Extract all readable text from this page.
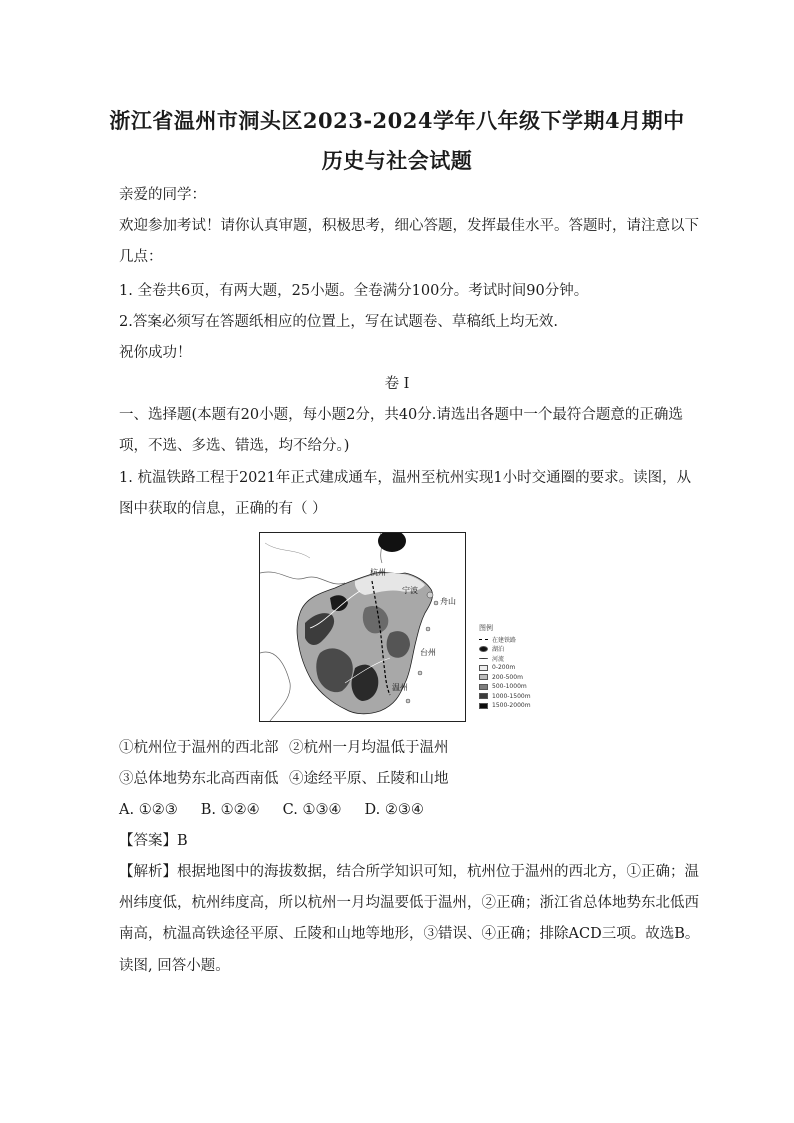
浙江省温州市洞头区2023-2024学年八年级下学期4月期中
历史与社会试题
亲爱的同学：
欢迎参加考试！请你认真审题，积极思考，细心答题，发挥最佳水平。答题时，请注意以下
几点：
1. 全卷共6页，有两大题，25小题。全卷满分100分。考试时间90分钟。
2.答案必须写在答题纸相应的位置上，写在试题卷、草稿纸上均无效.
祝你成功！
卷 I
一、选择题(本题有20小题，每小题2分，共40分.请选出各题中一个最符合题意的正确选
项，不选、多选、错选，均不给分。)
1. 杭温铁路工程于2021年正式建成通车，温州至杭州实现1小时交通圈的要求。读图，从
图中获取的信息，正确的有（ ）
杭州
宁波
舟山
台州
温州
图例
在建铁路
湖泊
河流
0-200m
200-500m
500-1000m
1000-1500m
1500-2000m
①杭州位于温州的西北部 ②杭州一月均温低于温州
③总体地势东北高西南低 ④途经平原、丘陵和山地
A. ①②③     B. ①②④     C. ①③④     D. ②③④
【答案】B
【解析】根据地图中的海拔数据，结合所学知识可知，杭州位于温州的西北方，①正确；温
州纬度低，杭州纬度高，所以杭州一月均温要低于温州，②正确；浙江省总体地势东北低西
南高，杭温高铁途径平原、丘陵和山地等地形，③错误、④正确；排除ACD三项。故选B。
读图, 回答小题。
